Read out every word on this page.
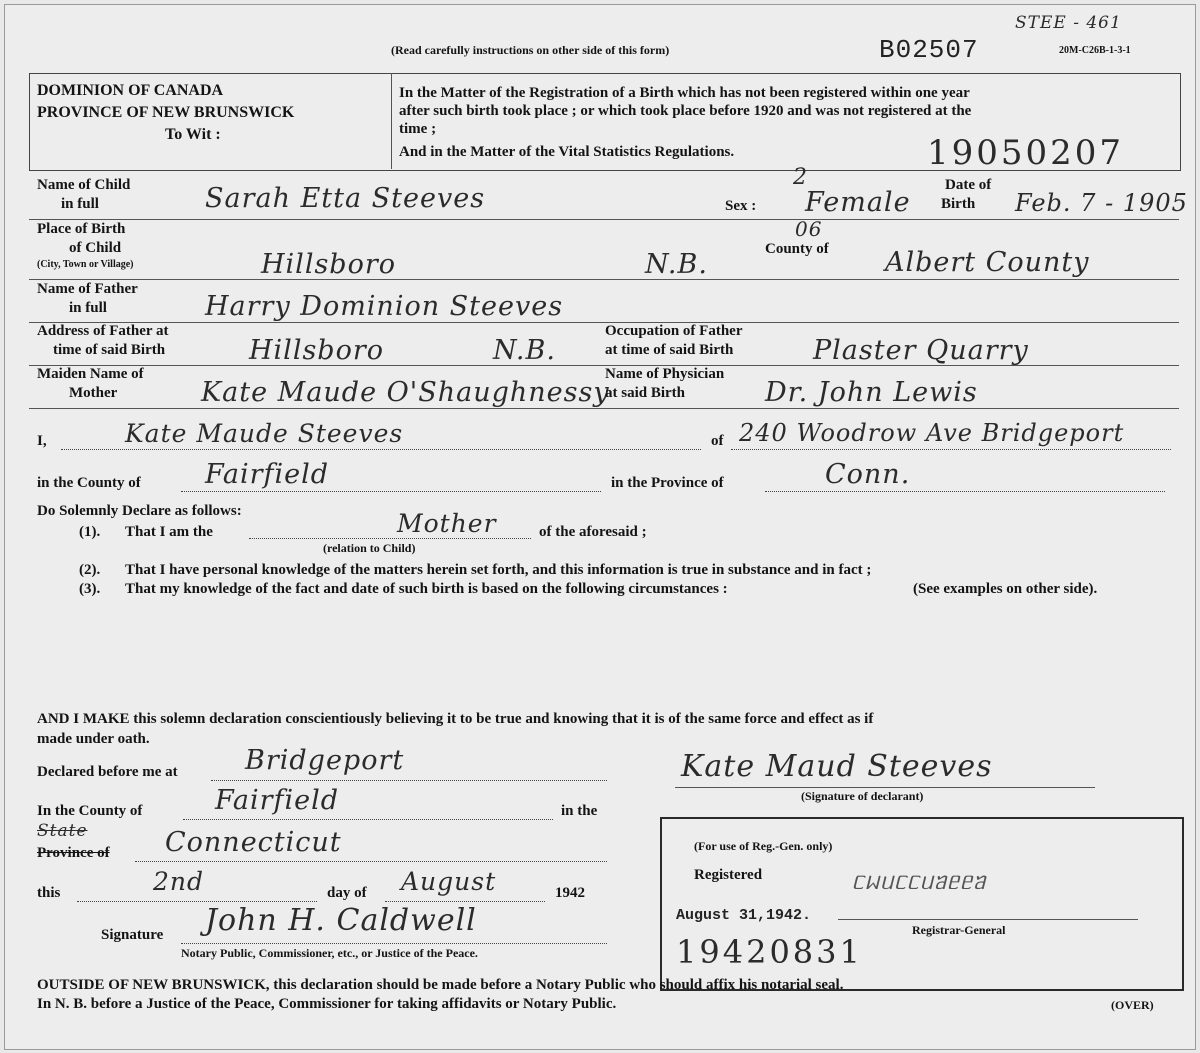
(Read carefully instructions on other side of this form)	B02507
STEE - 461
20M-C26B-1-3-1
DOMINION OF CANADA
PROVINCE OF NEW BRUNSWICK
To Wit :
In the Matter of the Registration of a Birth which has not been registered within one year
after such birth took place ; or which took place before 1920 and was not registered at the
time ;
And in the Matter of the Vital Statistics Regulations.	19050207
Name of Child
in full	Sarah Etta Steeves	Sex :
2
Female
Date of
Birth Feb. 7 - 1905
Place of Birth
of Child
(City, Town or Village)	Hillsboro	N.B.
06
County of Albert County
Name of Father
in full	Harry Dominion Steeves
Address of Father at
time of said Birth	Hillsboro	N.B.
Occupation of Father
at time of said Birth	Plaster Quarry
Maiden Name of
Mother	Kate Maude O'Shaughnessy
Name of Physician
at said Birth	Dr. John Lewis
I,	Kate Maude Steeves	of 240 Woodrow Ave Bridgeport
in the County of Fairfield	in the Province of	Conn.
Do Solemnly Declare as follows:
(1). That I am the	Mother	of the aforesaid ;
(relation to Child)
(2). That I have personal knowledge of the matters herein set forth, and this information is true in substance and in fact ;
(3). That my knowledge of the fact and date of such birth is based on the following circumstances :	(See examples on other side).
AND I MAKE this solemn declaration conscientiously believing it to be true and knowing that it is of the same force and effect as if
made under oath.
Declared before me at Bridgeport	Kate Maud Steeves
(Signature of declarant)
In the County of	Fairfield	in the
State
Province of Connecticut
this	2nd	day of August	1942
Signature John H. Caldwell
Notary Public, Commissioner, etc., or Justice of the Peace.
(For use of Reg.-Gen. only)
Registered	ᥴᥕᥙᥴᥴᥙᥑᥱᥱᥑ
August 31,1942.
Registrar-General
19420831
OUTSIDE OF NEW BRUNSWICK, this declaration should be made before a Notary Public who should affix his notarial seal.
In N. B. before a Justice of the Peace, Commissioner for taking affidavits or Notary Public.	(OVER)
